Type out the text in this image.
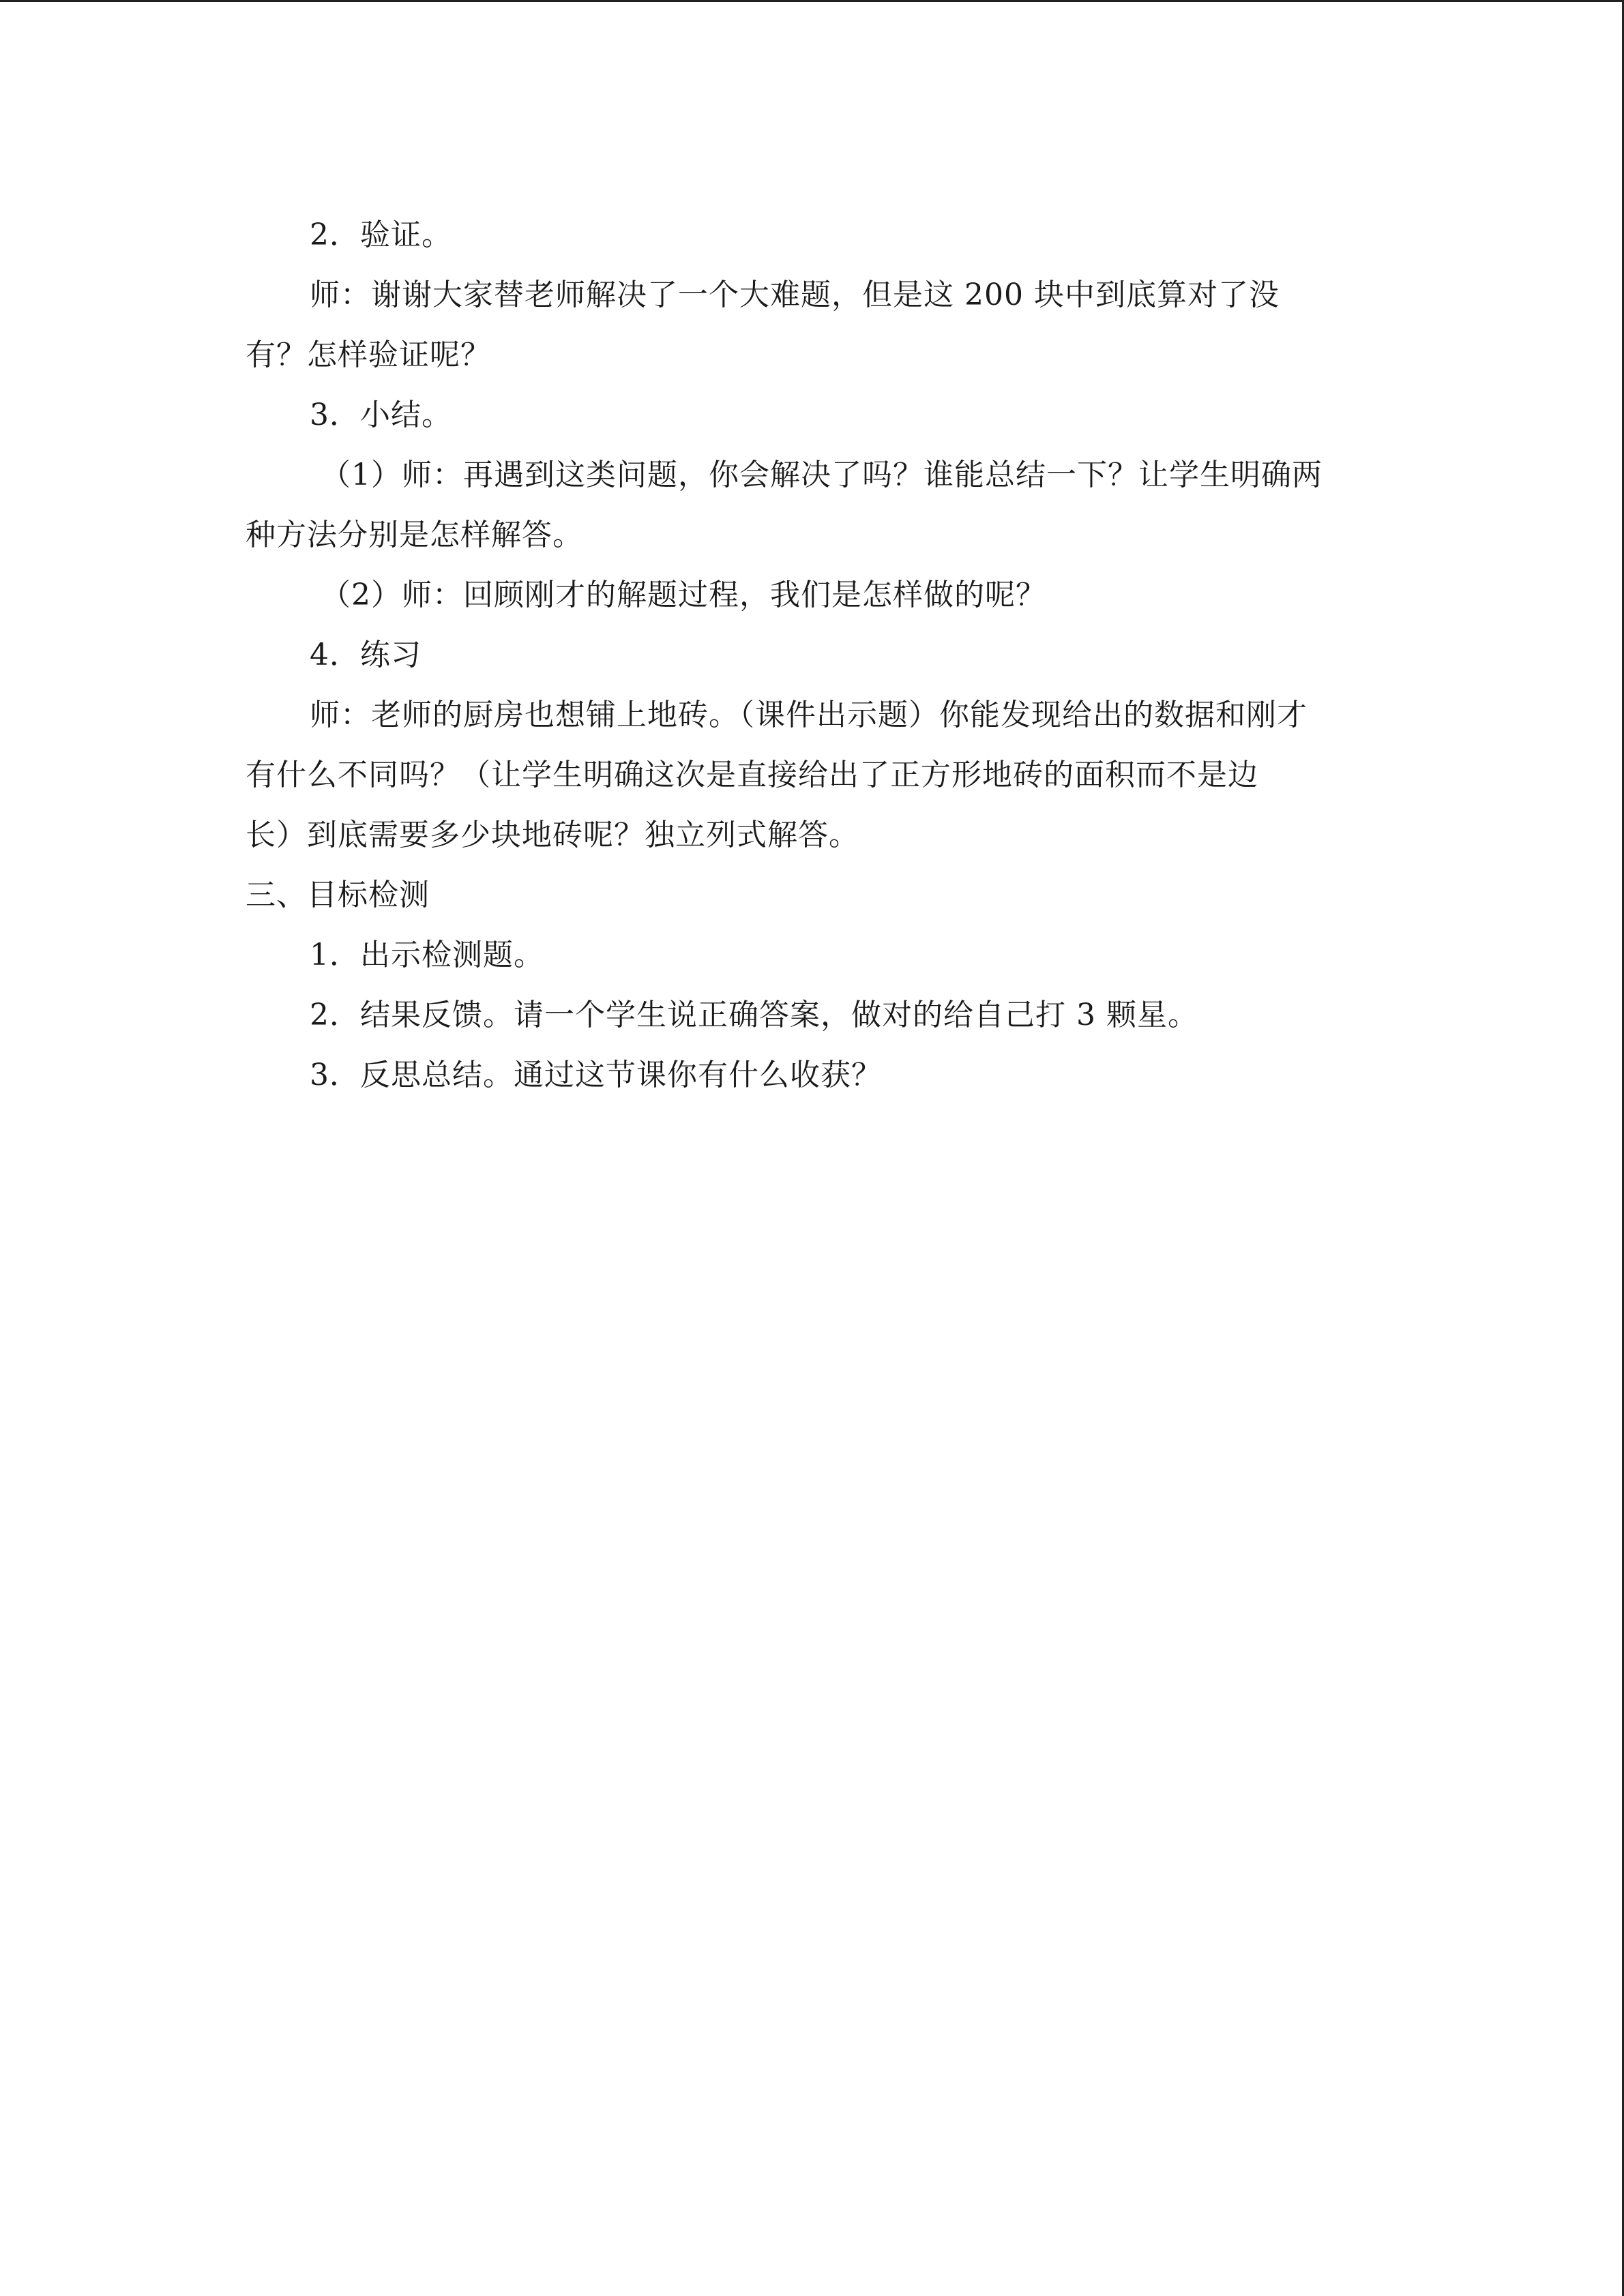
2．验证。
师：谢谢大家替老师解决了一个大难题，但是这 200 块中到底算对了没
有？怎样验证呢？
3．小结。
（1）师：再遇到这类问题，你会解决了吗？谁能总结一下？让学生明确两
种方法分别是怎样解答。
（2）师：回顾刚才的解题过程，我们是怎样做的呢？
4．练习
师：老师的厨房也想铺上地砖。（课件出示题）你能发现给出的数据和刚才
有什么不同吗？（让学生明确这次是直接给出了正方形地砖的面积而不是边
长）到底需要多少块地砖呢？独立列式解答。
三、目标检测
1．出示检测题。
2．结果反馈。请一个学生说正确答案，做对的给自己打 3 颗星。
3．反思总结。通过这节课你有什么收获？
